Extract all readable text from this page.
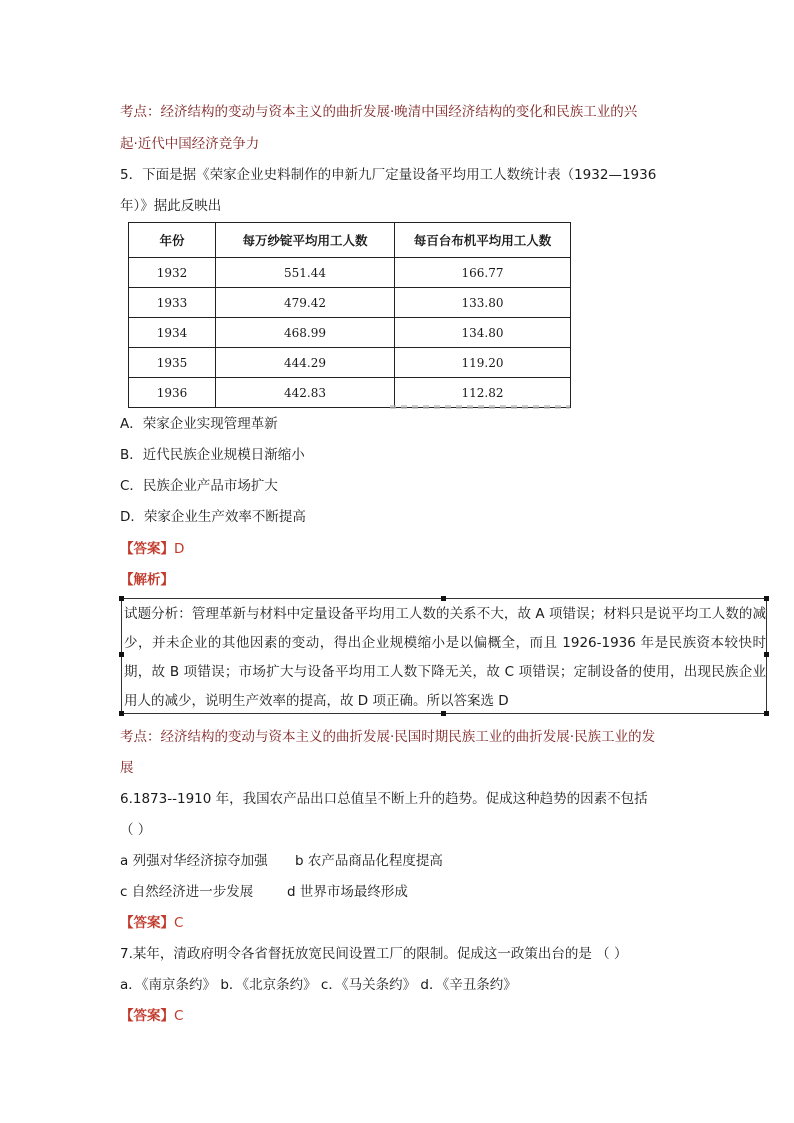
考点：经济结构的变动与资本主义的曲折发展·晚清中国经济结构的变化和民族工业的兴
起·近代中国经济竞争力
5．下面是据《荣家企业史料制作的申新九厂定量设备平均用工人数统计表（1932—1936
年）》据此反映出
年份	每万纱锭平均用工人数	每百台布机平均用工人数
1932	551.44	166.77
1933	479.42	133.80
1934	468.99	134.80
1935	444.29	119.20
1936	442.83	112.82
A．荣家企业实现管理革新
B．近代民族企业规模日渐缩小
C．民族企业产品市场扩大
D．荣家企业生产效率不断提高
【答案】D
【解析】
试题分析：管理革新与材料中定量设备平均用工人数的关系不大，故 A 项错误；材料只是说平均工人数的减少，并未企业的其他因素的变动，得出企业规模缩小是以偏概全，而且 1926-1936 年是民族资本较快时期，故 B 项错误；市场扩大与设备平均用工人数下降无关，故 C 项错误；定制设备的使用，出现民族企业用人的减少，说明生产效率的提高，故 D 项正确。所以答案选 D
考点：经济结构的变动与资本主义的曲折发展·民国时期民族工业的曲折发展·民族工业的发
展
6.1873--1910 年，我国农产品出口总值呈不断上升的趋势。促成这种趋势的因素不包括
（ ）
a 列强对华经济掠夺加强 b 农产品商品化程度提高
c 自然经济进一步发展	d 世界市场最终形成
【答案】C
7.某年，清政府明令各省督抚放宽民间设置工厂的限制。促成这一政策出台的是 （ ）
a．《南京条约》 b．《北京条约》 c．《马关条约》 d．《辛丑条约》
【答案】C
